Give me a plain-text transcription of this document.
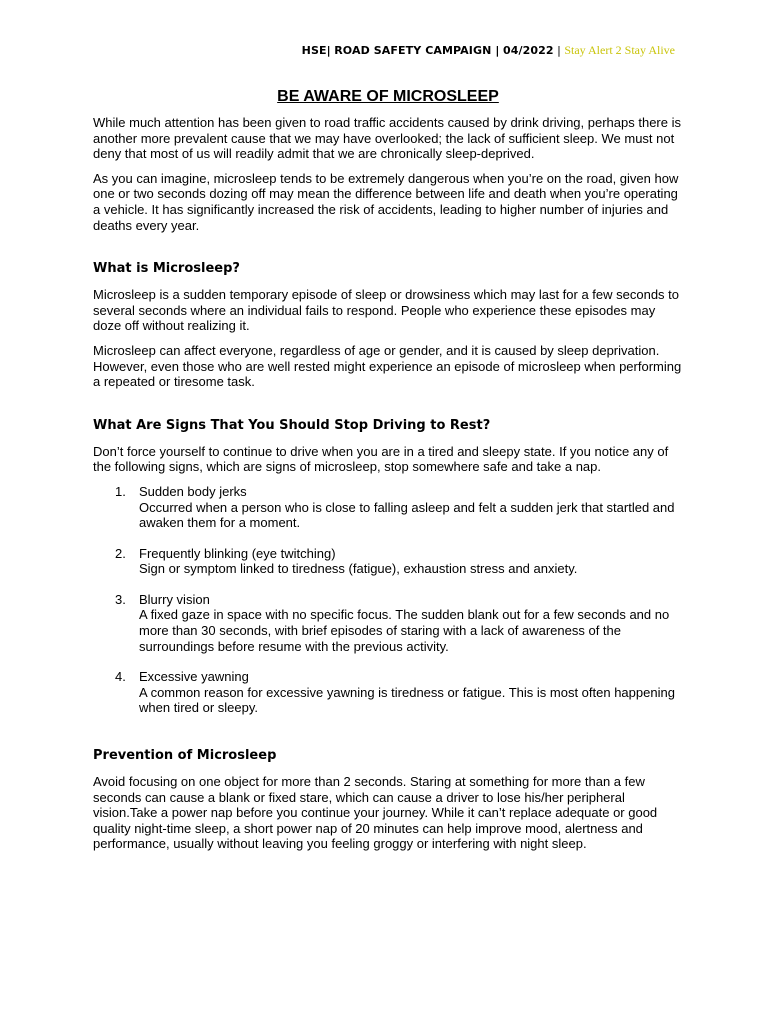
HSE| ROAD SAFETY CAMPAIGN | 04/2022 | Stay Alert 2 Stay Alive
BE AWARE OF MICROSLEEP

While much attention has been given to road traffic accidents caused by drink driving, perhaps there is another more prevalent cause that we may have overlooked; the lack of sufficient sleep. We must not deny that most of us will readily admit that we are chronically sleep-deprived.

As you can imagine, microsleep tends to be extremely dangerous when you’re on the road, given how one or two seconds dozing off may mean the difference between life and death when you’re operating a vehicle. It has significantly increased the risk of accidents, leading to higher number of injuries and deaths every year.

What is Microsleep?

Microsleep is a sudden temporary episode of sleep or drowsiness which may last for a few seconds to several seconds where an individual fails to respond. People who experience these episodes may doze off without realizing it.

Microsleep can affect everyone, regardless of age or gender, and it is caused by sleep deprivation. However, even those who are well rested might experience an episode of microsleep when performing a repeated or tiresome task.

What Are Signs That You Should Stop Driving to Rest?

Don’t force yourself to continue to drive when you are in a tired and sleepy state. If you notice any of the following signs, which are signs of microsleep, stop somewhere safe and take a nap.

1. Sudden body jerks
Occurred when a person who is close to falling asleep and felt a sudden jerk that startled and awaken them for a moment.
2. Frequently blinking (eye twitching)
Sign or symptom linked to tiredness (fatigue), exhaustion stress and anxiety.
3. Blurry vision
A fixed gaze in space with no specific focus. The sudden blank out for a few seconds and no more than 30 seconds, with brief episodes of staring with a lack of awareness of the surroundings before resume with the previous activity.
4. Excessive yawning
A common reason for excessive yawning is tiredness or fatigue. This is most often happening when tired or sleepy.
Prevention of Microsleep

Avoid focusing on one object for more than 2 seconds. Staring at something for more than a few seconds can cause a blank or fixed stare, which can cause a driver to lose his/her peripheral vision.Take a power nap before you continue your journey. While it can’t replace adequate or good quality night-time sleep, a short power nap of 20 minutes can help improve mood, alertness and performance, usually without leaving you feeling groggy or interfering with night sleep.
